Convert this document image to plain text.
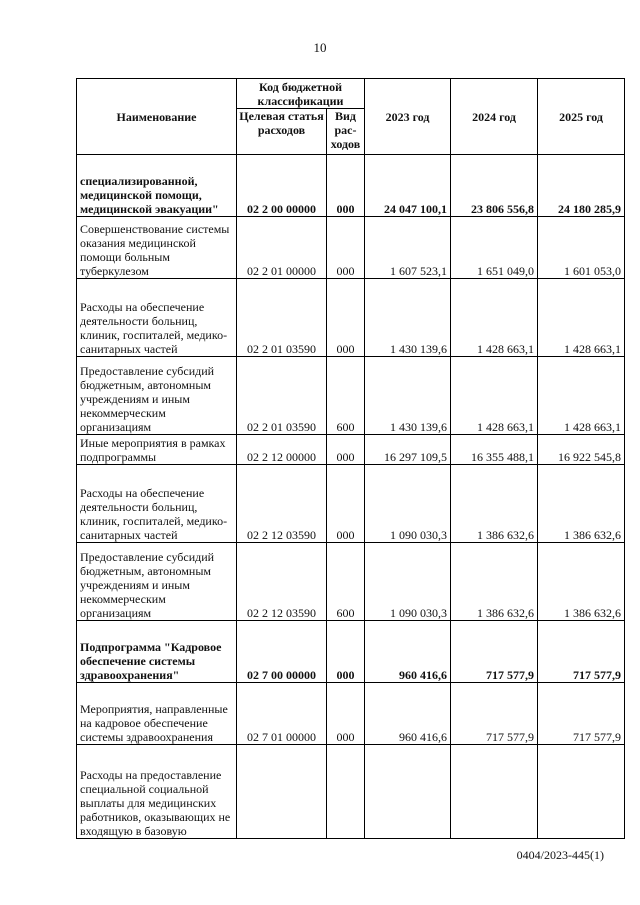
10
Наименование	Код бюджетной классификации		2023 год	2024 год	2025 год
	Целевая статья расходов	Вид рас-ходов			
специализированной, медицинской помощи, медицинской эвакуации"	02 2 00 00000	000	24 047 100,1	23 806 556,8	24 180 285,9
Совершенствование системы оказания медицинской помощи больным туберкулезом	02 2 01 00000	000	1 607 523,1	1 651 049,0	1 601 053,0
Расходы на обеспечение деятельности больниц, клиник, госпиталей, медико-санитарных частей	02 2 01 03590	000	1 430 139,6	1 428 663,1	1 428 663,1
Предоставление субсидий бюджетным, автономным учреждениям и иным некоммерческим организациям	02 2 01 03590	600	1 430 139,6	1 428 663,1	1 428 663,1
Иные мероприятия в рамках подпрограммы	02 2 12 00000	000	16 297 109,5	16 355 488,1	16 922 545,8
Расходы на обеспечение деятельности больниц, клиник, госпиталей, медико-санитарных частей	02 2 12 03590	000	1 090 030,3	1 386 632,6	1 386 632,6
Предоставление субсидий бюджетным, автономным учреждениям и иным некоммерческим организациям	02 2 12 03590	600	1 090 030,3	1 386 632,6	1 386 632,6
Подпрограмма "Кадровое обеспечение системы здравоохранения"	02 7 00 00000	000	960 416,6	717 577,9	717 577,9
Мероприятия, направленные на кадровое обеспечение системы здравоохранения	02 7 01 00000	000	960 416,6	717 577,9	717 577,9
Расходы на предоставление специальной социальной выплаты для медицинских работников, оказывающих не входящую в базовую					
0404/2023-445(1)
